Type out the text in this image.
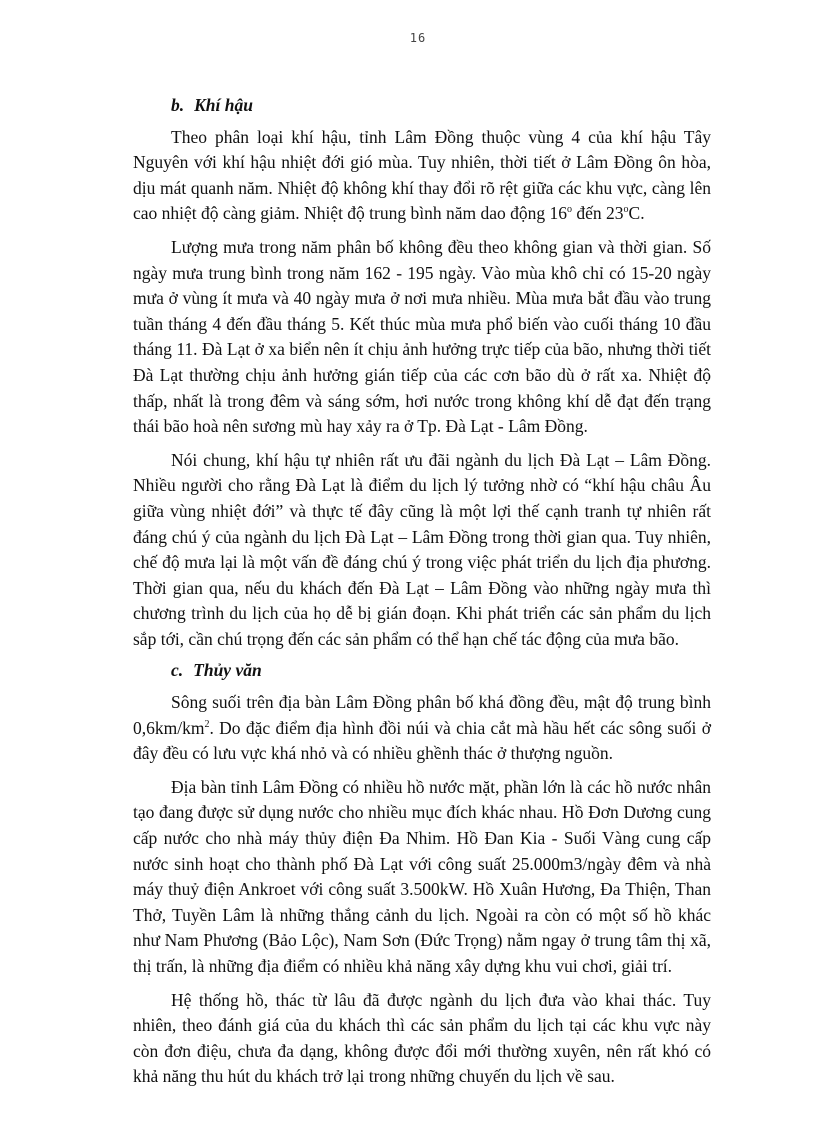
16

b. Khí hậu

Theo phân loại khí hậu, tỉnh Lâm Đồng thuộc vùng 4 của khí hậu Tây Nguyên với khí hậu nhiệt đới gió mùa. Tuy nhiên, thời tiết ở Lâm Đồng ôn hòa, dịu mát quanh năm. Nhiệt độ không khí thay đổi rõ rệt giữa các khu vực, càng lên cao nhiệt độ càng giảm. Nhiệt độ trung bình năm dao động 16$^o$ đến 23$^o$C.

Lượng mưa trong năm phân bố không đều theo không gian và thời gian. Số ngày mưa trung bình trong năm 162 - 195 ngày. Vào mùa khô chỉ có 15-20 ngày mưa ở vùng ít mưa và 40 ngày mưa ở nơi mưa nhiều. Mùa mưa bắt đầu vào trung tuần tháng 4 đến đầu tháng 5. Kết thúc mùa mưa phổ biến vào cuối tháng 10 đầu tháng 11. Đà Lạt ở xa biển nên ít chịu ảnh hưởng trực tiếp của bão, nhưng thời tiết Đà Lạt thường chịu ảnh hưởng gián tiếp của các cơn bão dù ở rất xa. Nhiệt độ thấp, nhất là trong đêm và sáng sớm, hơi nước trong không khí dễ đạt đến trạng thái bão hoà nên sương mù hay xảy ra ở Tp. Đà Lạt - Lâm Đồng.

Nói chung, khí hậu tự nhiên rất ưu đãi ngành du lịch Đà Lạt – Lâm Đồng. Nhiều người cho rằng Đà Lạt là điểm du lịch lý tưởng nhờ có “khí hậu châu Âu giữa vùng nhiệt đới” và thực tế đây cũng là một lợi thế cạnh tranh tự nhiên rất đáng chú ý của ngành du lịch Đà Lạt – Lâm Đồng trong thời gian qua. Tuy nhiên, chế độ mưa lại là một vấn đề đáng chú ý trong việc phát triển du lịch địa phương. Thời gian qua, nếu du khách đến Đà Lạt – Lâm Đồng vào những ngày mưa thì chương trình du lịch của họ dễ bị gián đoạn. Khi phát triển các sản phẩm du lịch sắp tới, cần chú trọng đến các sản phẩm có thể hạn chế tác động của mưa bão.

c. Thủy văn

Sông suối trên địa bàn Lâm Đồng phân bố khá đồng đều, mật độ trung bình $0,6km/km^2$. Do đặc điểm địa hình đồi núi và chia cắt mà hầu hết các sông suối ở đây đều có lưu vực khá nhỏ và có nhiều ghềnh thác ở thượng nguồn.

Địa bàn tỉnh Lâm Đồng có nhiều hồ nước mặt, phần lớn là các hồ nước nhân tạo đang được sử dụng nước cho nhiều mục đích khác nhau. Hồ Đơn Dương cung cấp nước cho nhà máy thủy điện Đa Nhim. Hồ Đan Kia - Suối Vàng cung cấp nước sinh hoạt cho thành phố Đà Lạt với công suất 25.000m3/ngày đêm và nhà máy thuỷ điện Ankroet với công suất 3.500kW. Hồ Xuân Hương, Đa Thiện, Than Thở, Tuyền Lâm là những thắng cảnh du lịch. Ngoài ra còn có một số hồ khác như Nam Phương (Bảo Lộc), Nam Sơn (Đức Trọng) nằm ngay ở trung tâm thị xã, thị trấn, là những địa điểm có nhiều khả năng xây dựng khu vui chơi, giải trí.

Hệ thống hồ, thác từ lâu đã được ngành du lịch đưa vào khai thác. Tuy nhiên, theo đánh giá của du khách thì các sản phẩm du lịch tại các khu vực này còn đơn điệu, chưa đa dạng, không được đổi mới thường xuyên, nên rất khó có khả năng thu hút du khách trở lại trong những chuyến du lịch về sau.
